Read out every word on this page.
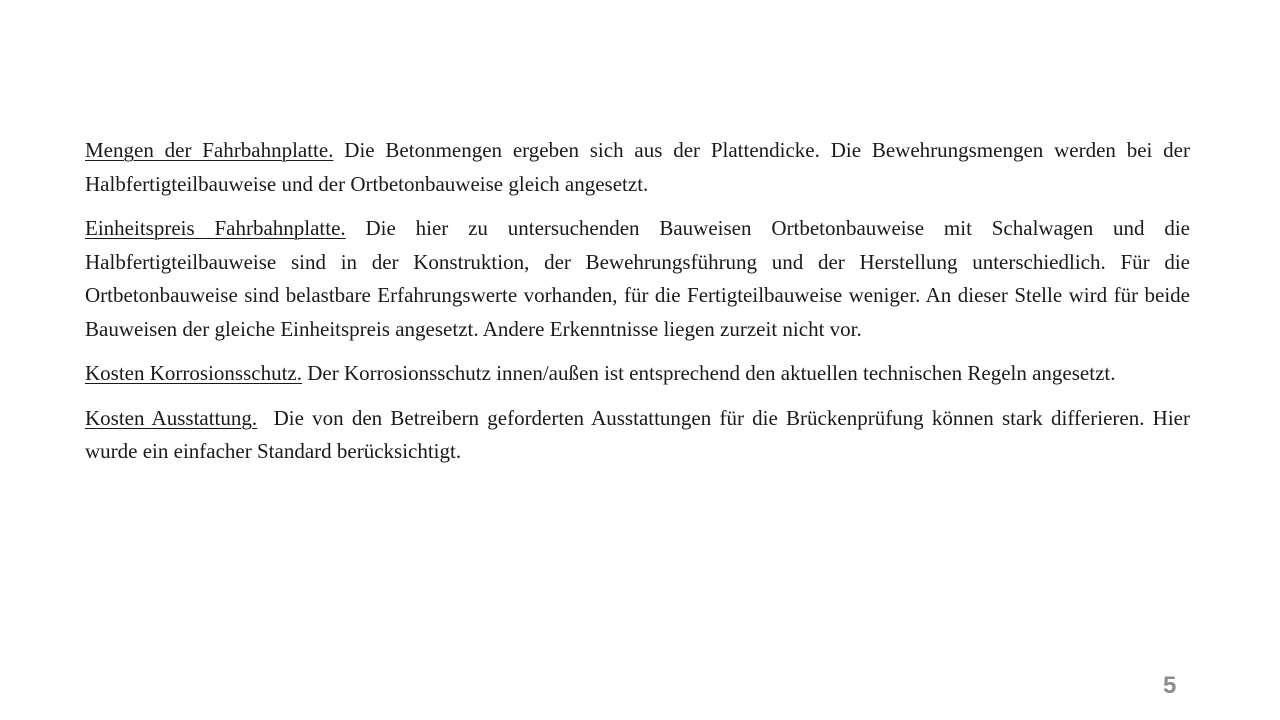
Mengen der Fahrbahnplatte. Die Betonmengen ergeben sich aus der Plattendicke. Die Bewehrungsmengen werden bei der Halbfertigteilbauweise und der Ortbetonbauweise gleich angesetzt.

Einheitspreis Fahrbahnplatte. Die hier zu untersuchenden Bauweisen Ortbetonbauweise mit Schalwagen und die Halbfertigteilbauweise sind in der Konstruktion, der Bewehrungsführung und der Herstellung unterschiedlich. Für die Ortbetonbauweise sind belastbare Erfahrungswerte vorhanden, für die Fertigteilbauweise weniger. An dieser Stelle wird für beide Bauweisen der gleiche Einheitspreis angesetzt. Andere Erkenntnisse liegen zurzeit nicht vor.

Kosten Korrosionsschutz. Der Korrosionsschutz innen/außen ist entsprechend den aktuellen technischen Regeln angesetzt.

Kosten Ausstattung.  Die von den Betreibern geforderten Ausstattungen für die Brückenprüfung können stark differieren. Hier wurde ein einfacher Standard berücksichtigt.

5
